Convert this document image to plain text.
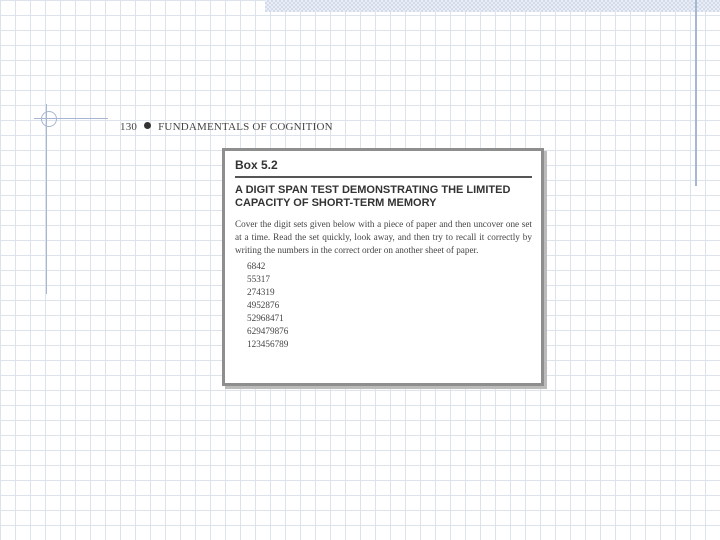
130 FUNDAMENTALS OF COGNITION
Box 5.2
A DIGIT SPAN TEST DEMONSTRATING THE LIMITED
CAPACITY OF SHORT-TERM MEMORY

Cover the digit sets given below with a piece of paper and then uncover one set at a time. Read the set quickly, look away, and then try to recall it correctly by writing the numbers in the correct order on another sheet of paper.

6842
55317
274319
4952876
52968471
629479876
123456789
